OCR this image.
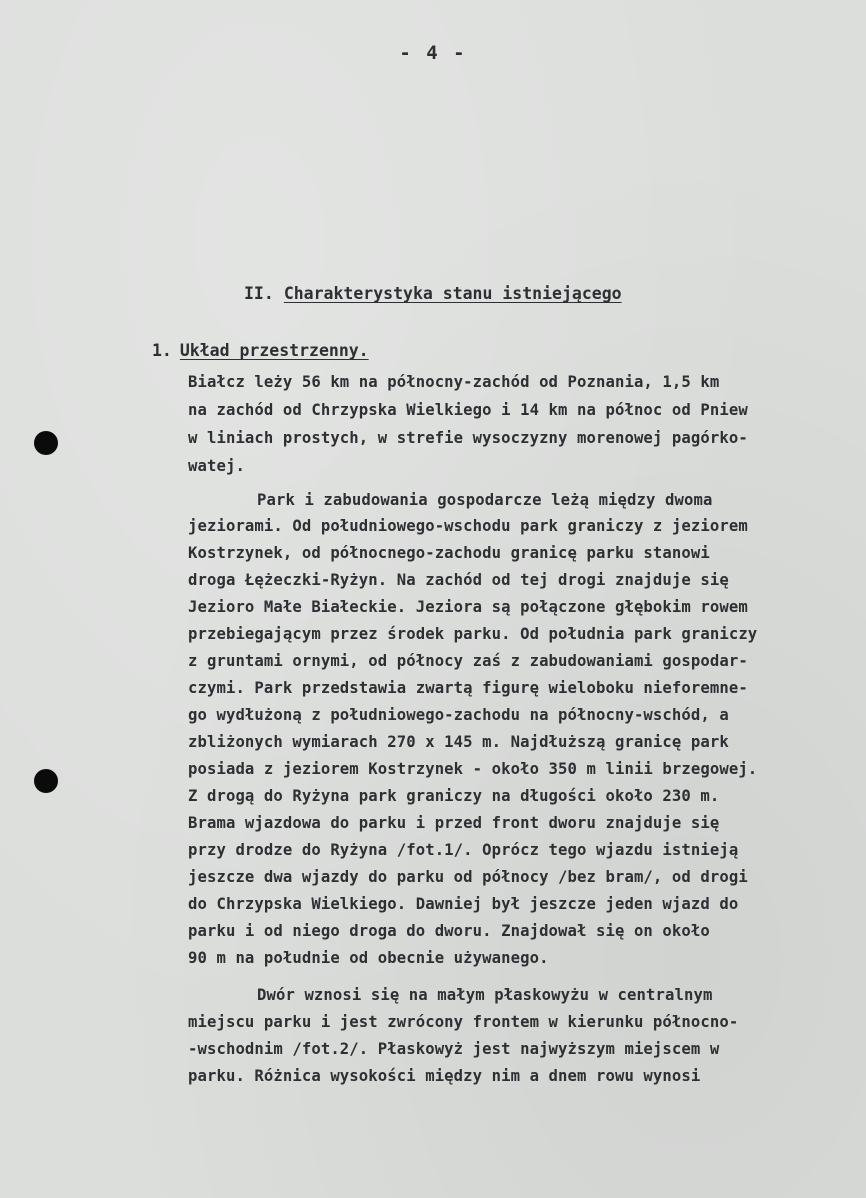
- 4 -
II. Charakterystyka stanu istniejącego
1. Układ przestrzenny.
Białcz leży 56 km na północny-zachód od Poznania, 1,5 km
na zachód od Chrzypska Wielkiego i 14 km na północ od Pniew
w liniach prostych, w strefie wysoczyzny morenowej pagórko-
watej.
Park i zabudowania gospodarcze leżą między dwoma
jeziorami. Od południowego-wschodu park graniczy z jeziorem
Kostrzynek, od północnego-zachodu granicę parku stanowi
droga Łężeczki-Ryżyn. Na zachód od tej drogi znajduje się
Jezioro Małe Białeckie. Jeziora są połączone głębokim rowem
przebiegającym przez środek parku. Od południa park graniczy
z gruntami ornymi, od północy zaś z zabudowaniami gospodar-
czymi. Park przedstawia zwartą figurę wieloboku nieforemne-
go wydłużoną z południowego-zachodu na północny-wschód, a
zbliżonych wymiarach 270 x 145 m. Najdłuższą granicę park
posiada z jeziorem Kostrzynek - około 350 m linii brzegowej.
Z drogą do Ryżyna park graniczy na długości około 230 m.
Brama wjazdowa do parku i przed front dworu znajduje się
przy drodze do Ryżyna /fot.1/. Oprócz tego wjazdu istnieją
jeszcze dwa wjazdy do parku od północy /bez bram/, od drogi
do Chrzypska Wielkiego. Dawniej był jeszcze jeden wjazd do
parku i od niego droga do dworu. Znajdował się on około
90 m na południe od obecnie używanego.
Dwór wznosi się na małym płaskowyżu w centralnym
miejscu parku i jest zwrócony frontem w kierunku północno-
-wschodnim /fot.2/. Płaskowyż jest najwyższym miejscem w
parku. Różnica wysokości między nim a dnem rowu wynosi
